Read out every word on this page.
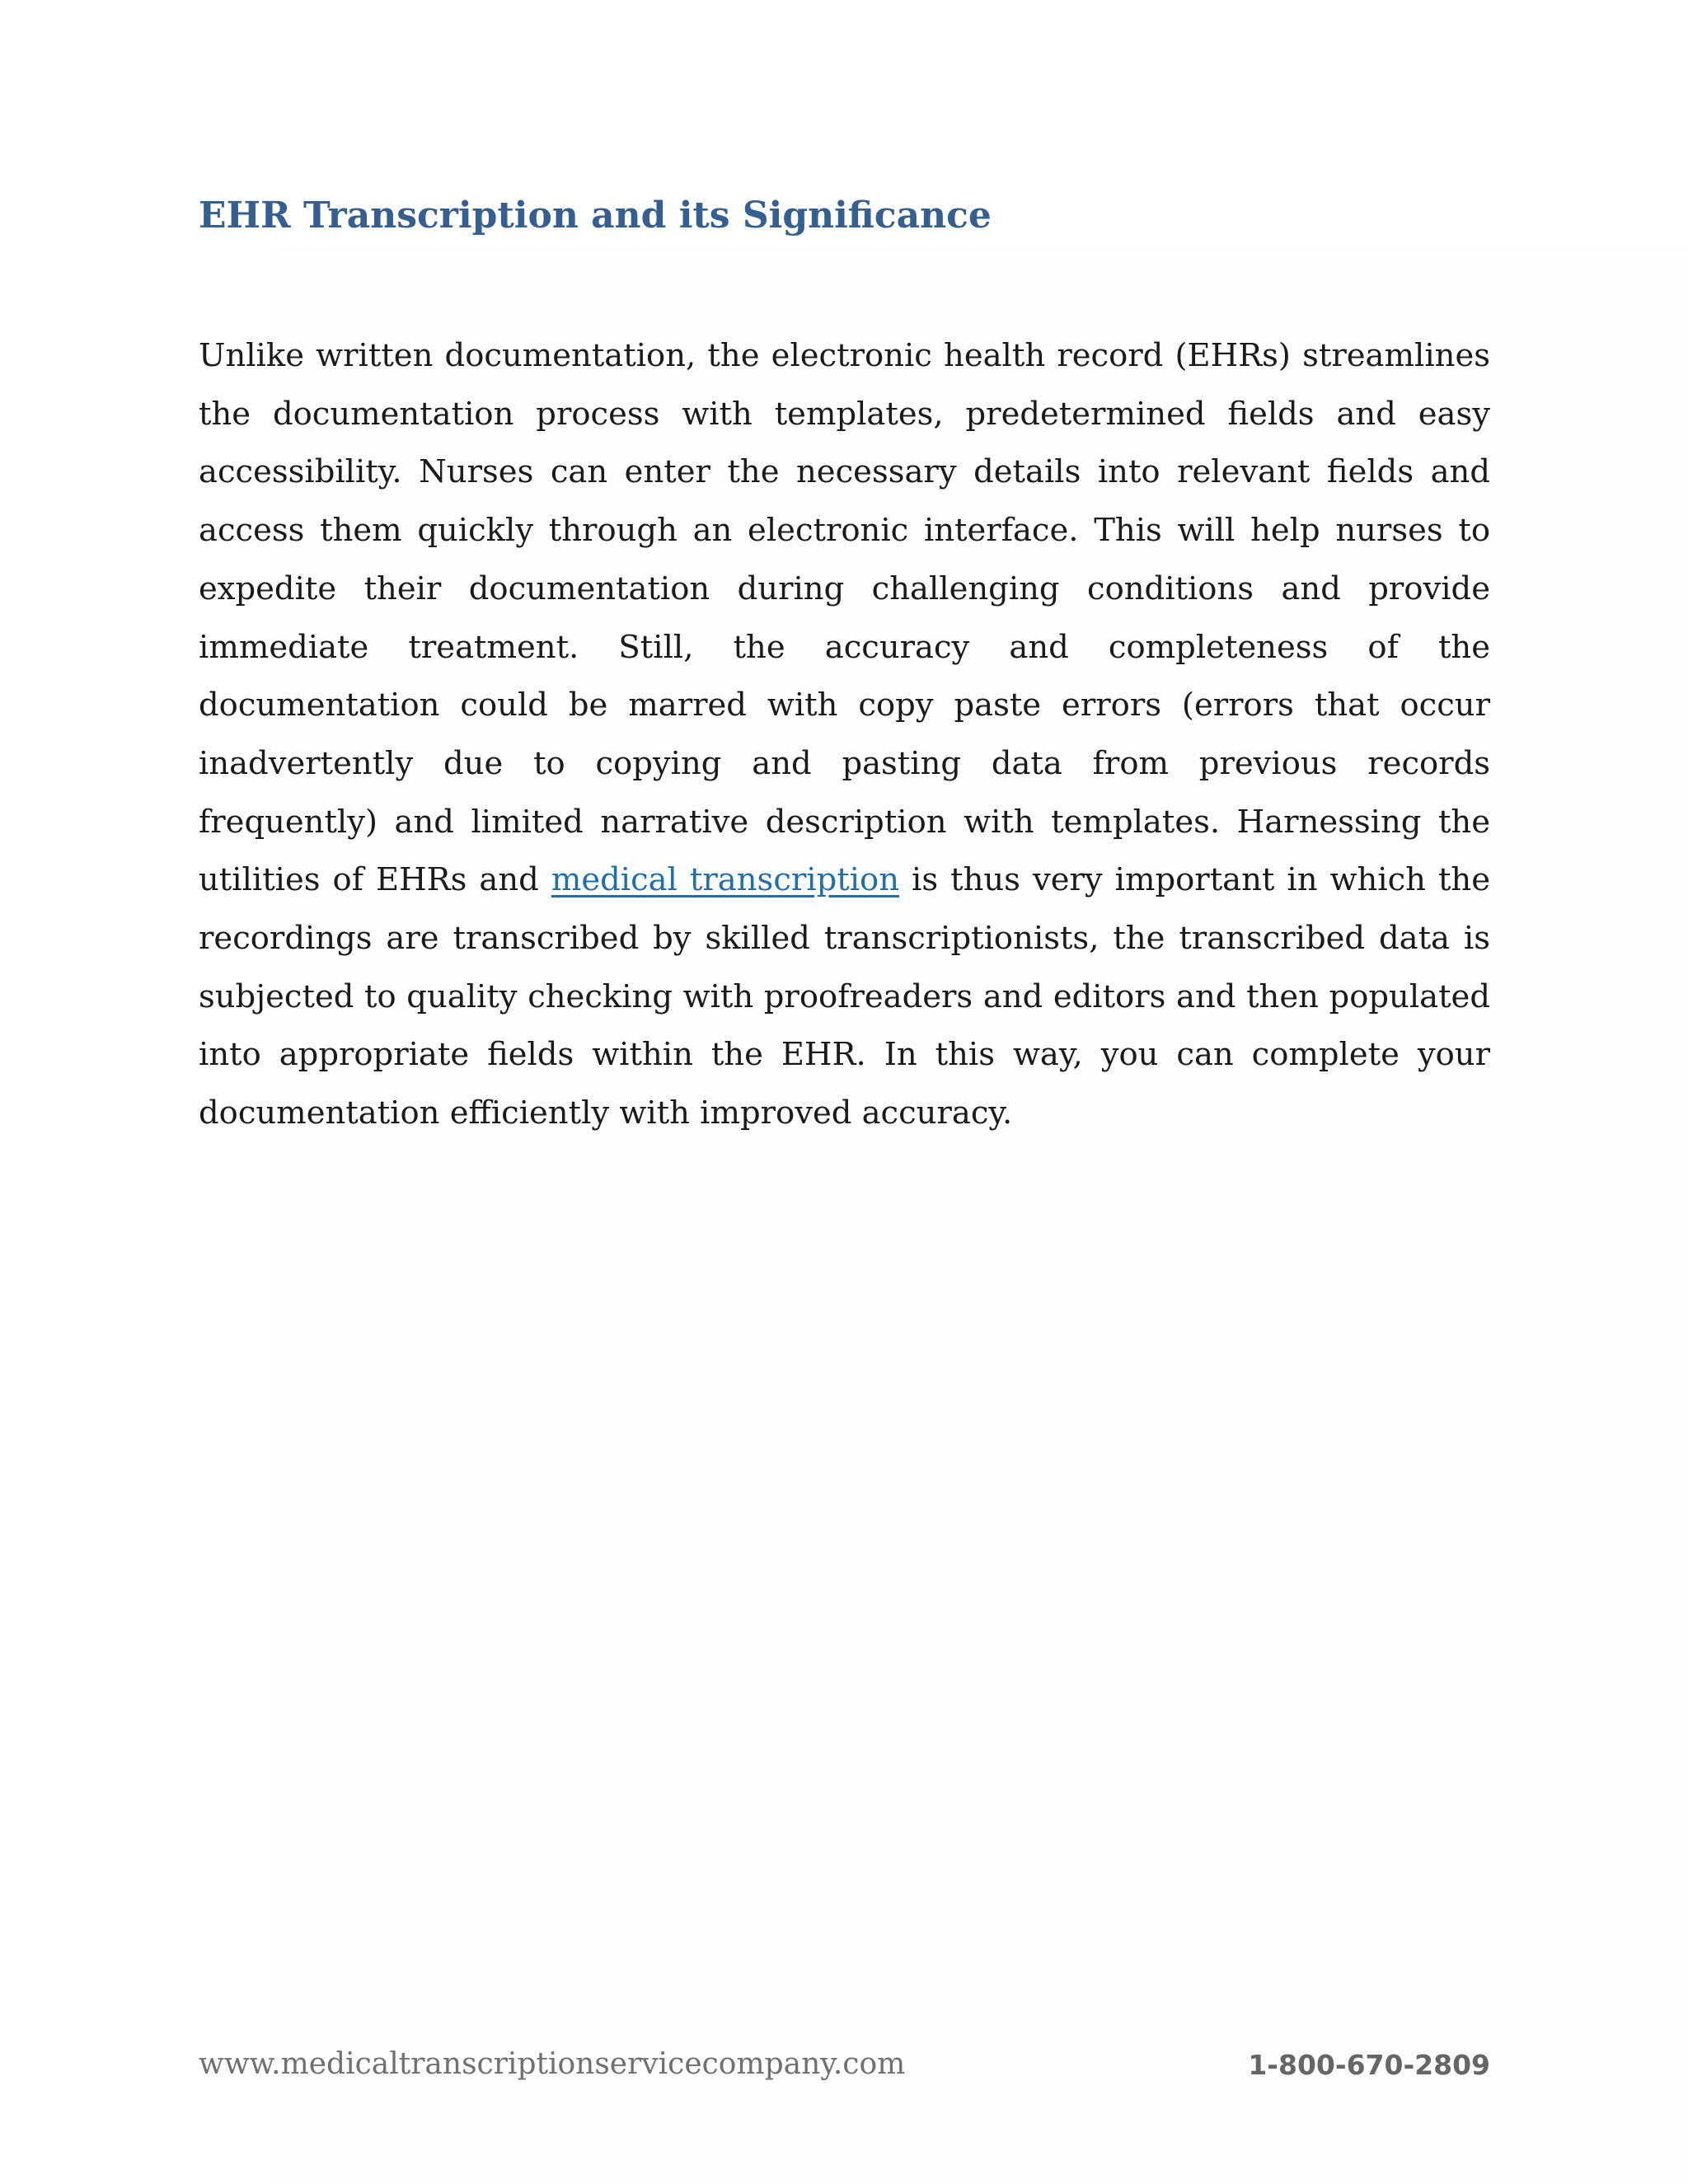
EHR Transcription and its Significance

Unlike written documentation, the electronic health record (EHRs) streamlines the documentation process with templates, predetermined fields and easy accessibility. Nurses can enter the necessary details into relevant fields and access them quickly through an electronic interface. This will help nurses to expedite their documentation during challenging conditions and provide immediate treatment. Still, the accuracy and completeness of the documentation could be marred with copy paste errors (errors that occur inadvertently due to copying and pasting data from previous records frequently) and limited narrative description with templates. Harnessing the utilities of EHRs and medical transcription is thus very important in which the recordings are transcribed by skilled transcriptionists, the transcribed data is subjected to quality checking with proofreaders and editors and then populated into appropriate fields within the EHR. In this way, you can complete your documentation efficiently with improved accuracy.

www.medicaltranscriptionservicecompany.com	1-800-670-2809
